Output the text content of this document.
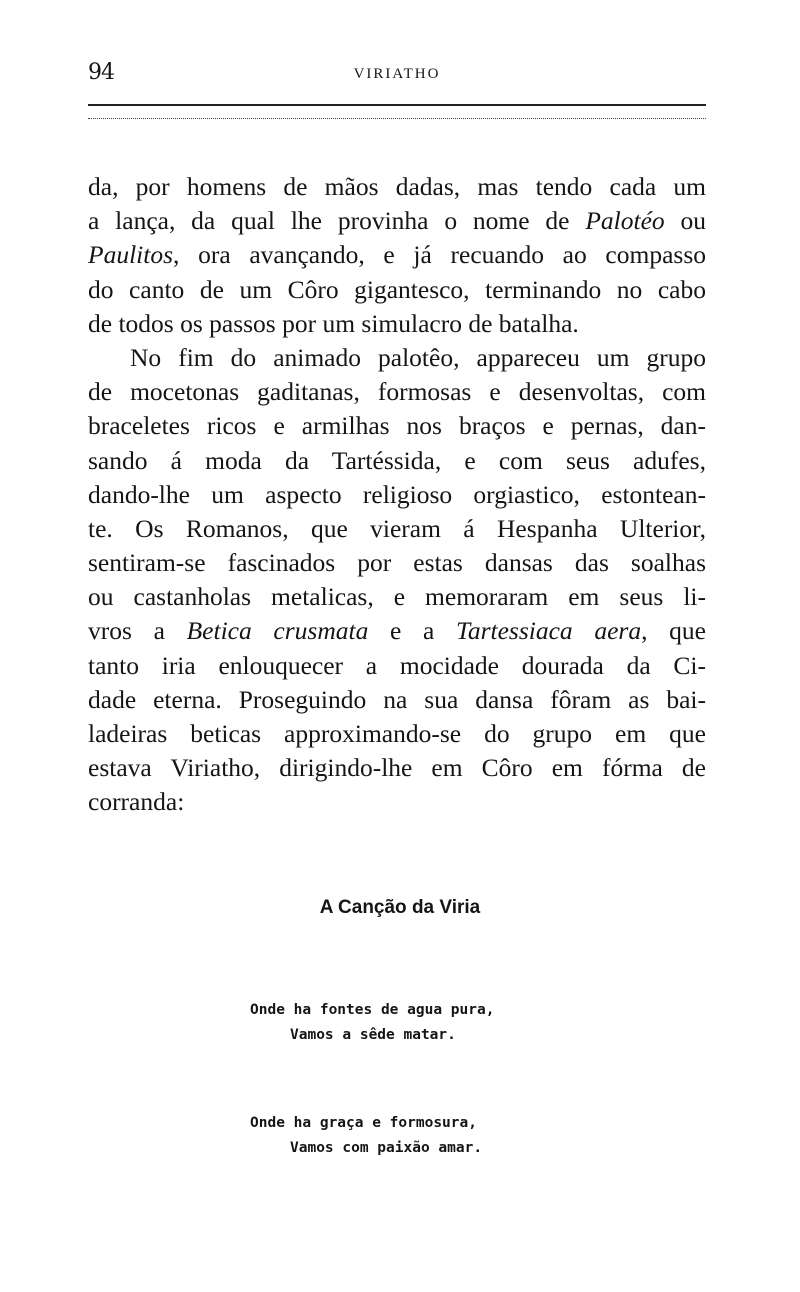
94	VIRIATHO
da, por homens de mãos dadas, mas tendo cada um
a lança, da qual lhe provinha o nome de Palotéo ou
Paulitos, ora avançando, e já recuando ao compasso
do canto de um Côro gigantesco, terminando no cabo
de todos os passos por um simulacro de batalha.
No fim do animado palotêo, appareceu um grupo
de mocetonas gaditanas, formosas e desenvoltas, com
braceletes ricos e armilhas nos braços e pernas, dan-
sando á moda da Tartéssida, e com seus adufes,
dando-lhe um aspecto religioso orgiastico, estontean-
te. Os Romanos, que vieram á Hespanha Ulterior,
sentiram-se fascinados por estas dansas das soalhas
ou castanholas metalicas, e memoraram em seus li-
vros a Betica crusmata e a Tartessiaca aera, que
tanto iria enlouquecer a mocidade dourada da Ci-
dade eterna. Proseguindo na sua dansa fôram as bai-
ladeiras beticas approximando-se do grupo em que
estava Viriatho, dirigindo-lhe em Côro em fórma de
corranda:
A Canção da Viria
Onde ha fontes de agua pura,
Vamos a sêde matar.
Onde ha graça e formosura,
Vamos com paixão amar.
